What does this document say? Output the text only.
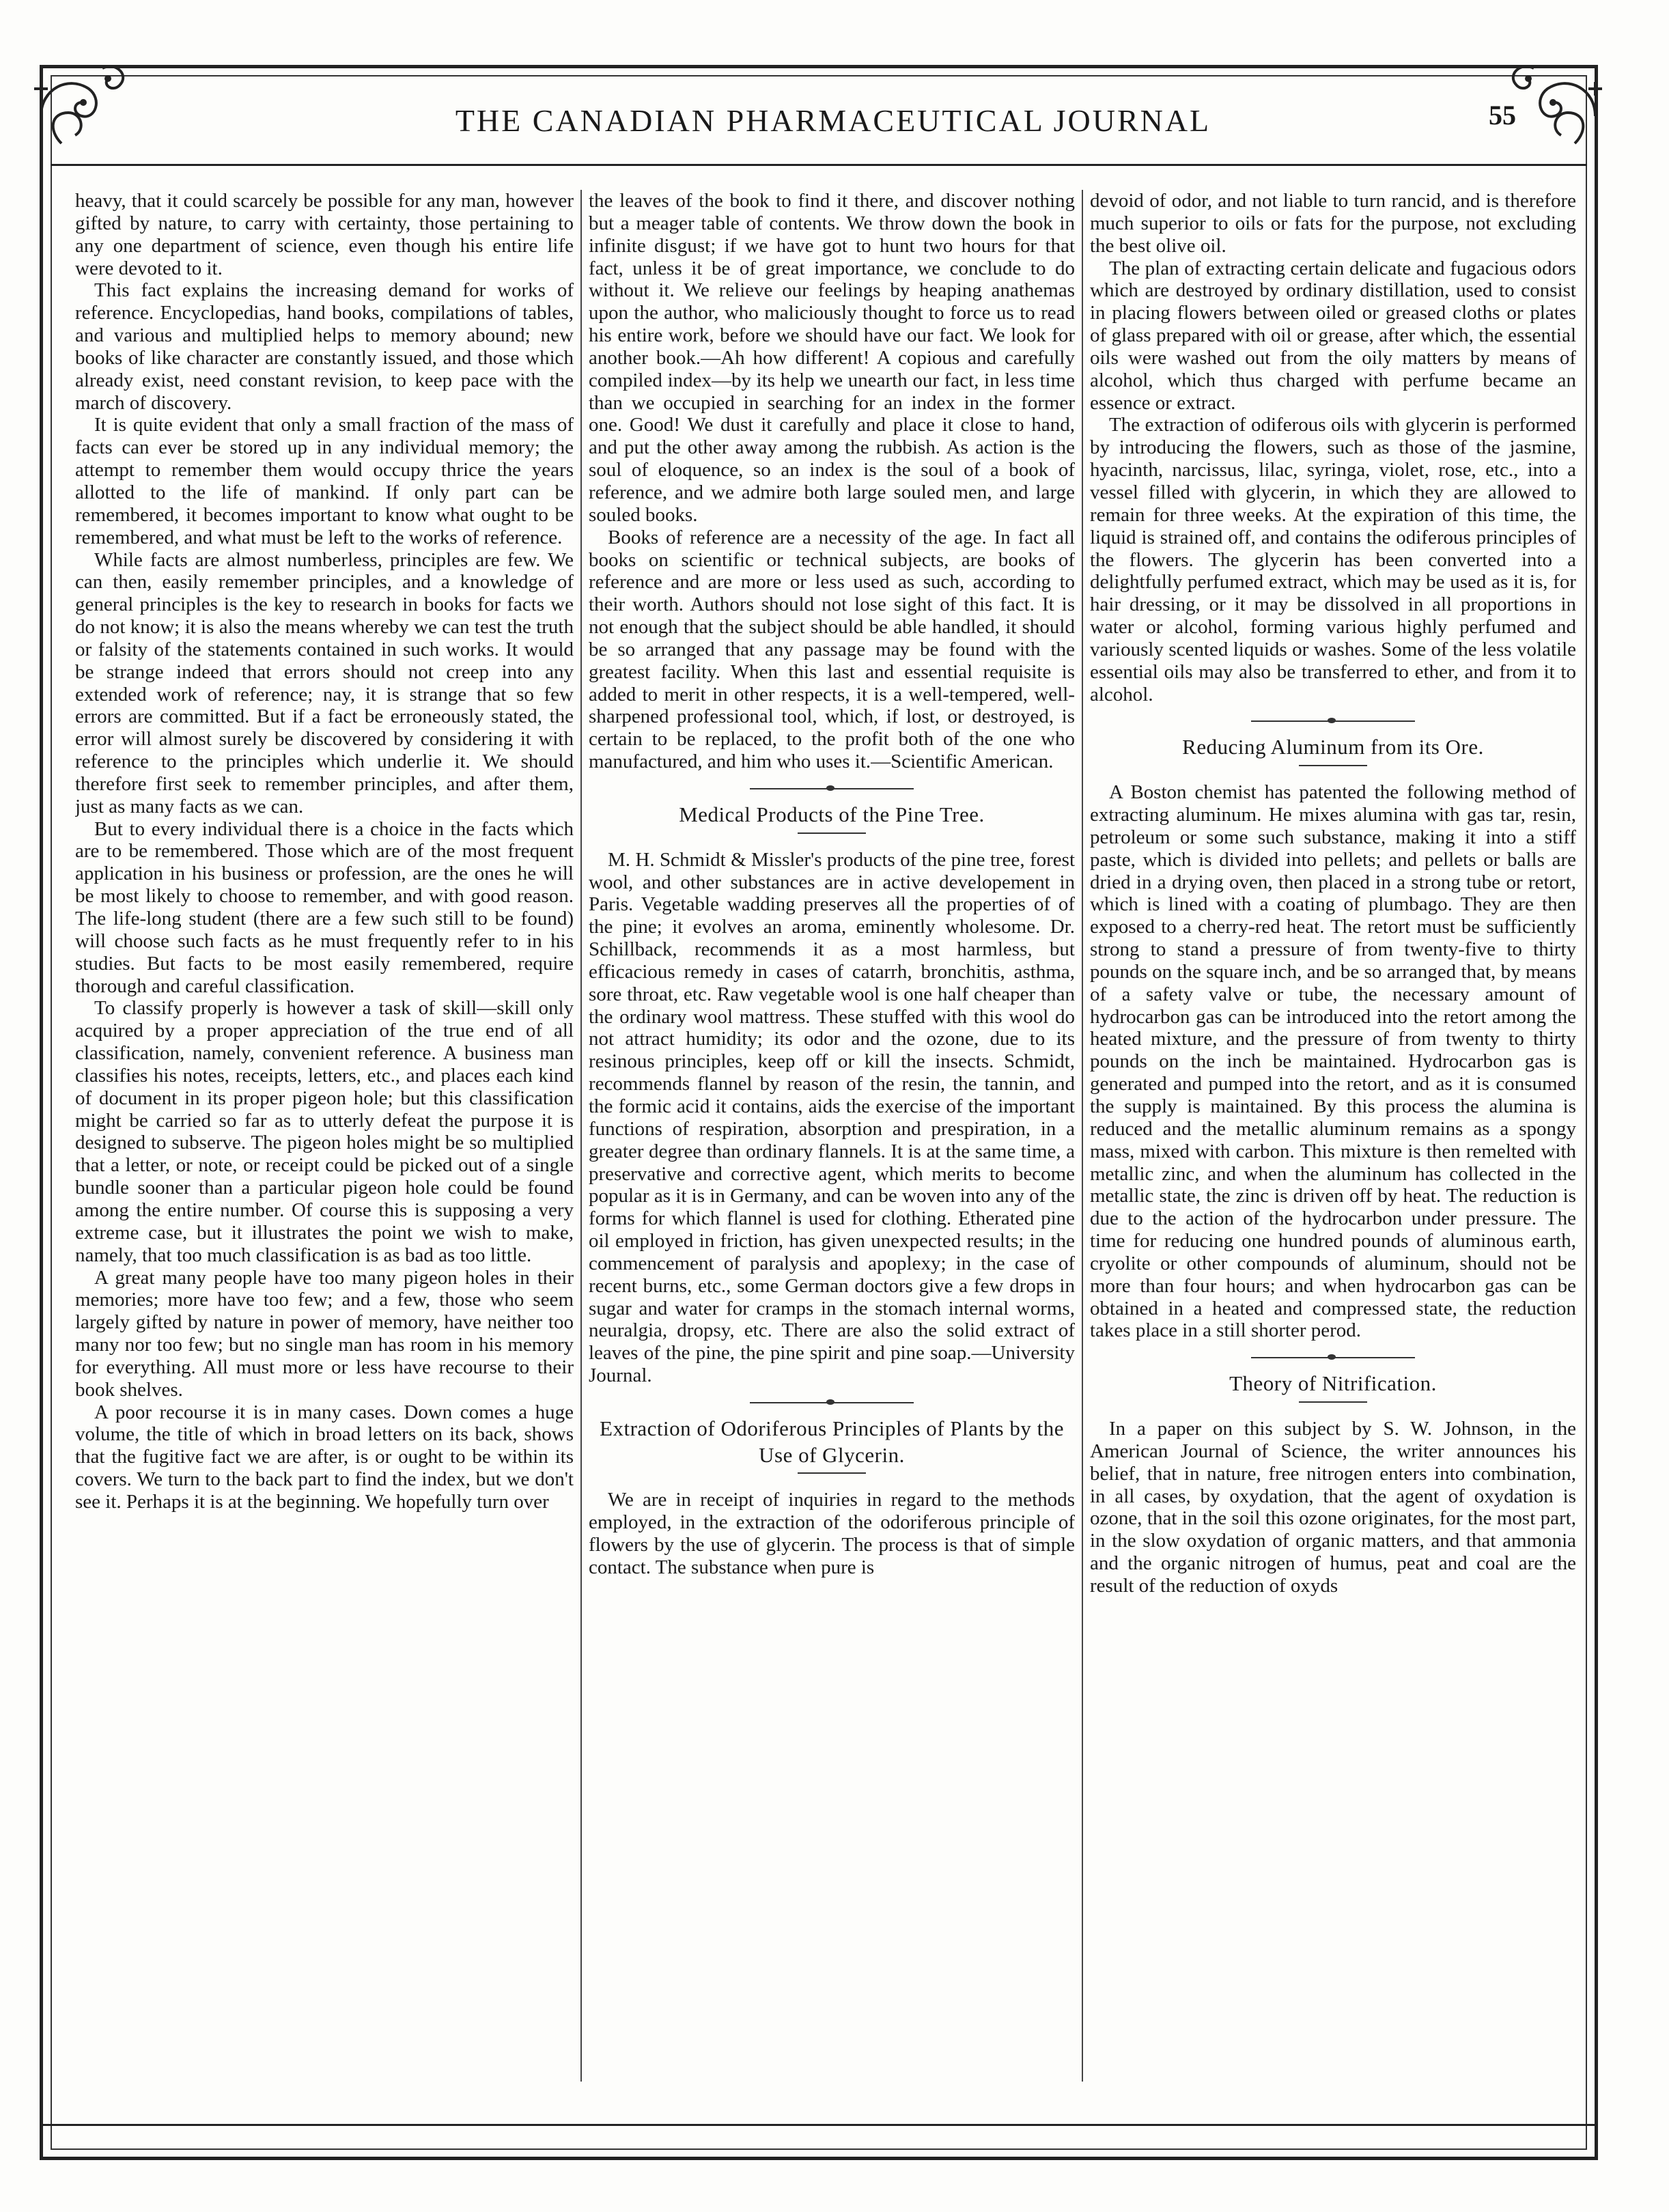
THE CANADIAN PHARMACEUTICAL JOURNAL	55

heavy, that it could scarcely be possible for any man, however gifted by nature, to carry with certainty, those pertaining to any one department of science, even though his entire life were devoted to it.

This fact explains the increasing demand for works of reference. Encyclopedias, hand books, compilations of tables, and various and multiplied helps to memory abound; new books of like character are constantly issued, and those which already exist, need constant revision, to keep pace with the march of discovery.

It is quite evident that only a small fraction of the mass of facts can ever be stored up in any individual memory; the attempt to remember them would occupy thrice the years allotted to the life of mankind. If only part can be remembered, it becomes important to know what ought to be remembered, and what must be left to the works of reference.

While facts are almost numberless, principles are few. We can then, easily remember principles, and a knowledge of general principles is the key to research in books for facts we do not know; it is also the means whereby we can test the truth or falsity of the statements contained in such works. It would be strange indeed that errors should not creep into any extended work of reference; nay, it is strange that so few errors are committed. But if a fact be erroneously stated, the error will almost surely be discovered by considering it with reference to the principles which underlie it. We should therefore first seek to remember principles, and after them, just as many facts as we can.

But to every individual there is a choice in the facts which are to be remembered. Those which are of the most frequent application in his business or profession, are the ones he will be most likely to choose to remember, and with good reason. The life-long student (there are a few such still to be found) will choose such facts as he must frequently refer to in his studies. But facts to be most easily remembered, require thorough and careful classification.

To classify properly is however a task of skill—skill only acquired by a proper appreciation of the true end of all classification, namely, convenient reference. A business man classifies his notes, receipts, letters, etc., and places each kind of document in its proper pigeon hole; but this classification might be carried so far as to utterly defeat the purpose it is designed to subserve. The pigeon holes might be so multiplied that a letter, or note, or receipt could be picked out of a single bundle sooner than a particular pigeon hole could be found among the entire number. Of course this is supposing a very extreme case, but it illustrates the point we wish to make, namely, that too much classification is as bad as too little.

A great many people have too many pigeon holes in their memories; more have too few; and a few, those who seem largely gifted by nature in power of memory, have neither too many nor too few; but no single man has room in his memory for everything. All must more or less have recourse to their book shelves.

A poor recourse it is in many cases. Down comes a huge volume, the title of which in broad letters on its back, shows that the fugitive fact we are after, is or ought to be within its covers. We turn to the back part to find the index, but we don't see it. Perhaps it is at the beginning. We hopefully turn over

the leaves of the book to find it there, and discover nothing but a meager table of contents. We throw down the book in infinite disgust; if we have got to hunt two hours for that fact, unless it be of great importance, we conclude to do without it. We relieve our feelings by heaping anathemas upon the author, who maliciously thought to force us to read his entire work, before we should have our fact. We look for another book.—Ah how different! A copious and carefully compiled index—by its help we unearth our fact, in less time than we occupied in searching for an index in the former one. Good! We dust it carefully and place it close to hand, and put the other away among the rubbish. As action is the soul of eloquence, so an index is the soul of a book of reference, and we admire both large souled men, and large souled books.

Books of reference are a necessity of the age. In fact all books on scientific or technical subjects, are books of reference and are more or less used as such, according to their worth. Authors should not lose sight of this fact. It is not enough that the subject should be able handled, it should be so arranged that any passage may be found with the greatest facility. When this last and essential requisite is added to merit in other respects, it is a well-tempered, well-sharpened professional tool, which, if lost, or destroyed, is certain to be replaced, to the profit both of the one who manufactured, and him who uses it.—Scientific American.

Medical Products of the Pine Tree.

M. H. Schmidt & Missler's products of the pine tree, forest wool, and other substances are in active developement in Paris. Vegetable wadding preserves all the properties of of the pine; it evolves an aroma, eminently wholesome. Dr. Schillback, recommends it as a most harmless, but efficacious remedy in cases of catarrh, bronchitis, asthma, sore throat, etc. Raw vegetable wool is one half cheaper than the ordinary wool mattress. These stuffed with this wool do not attract humidity; its odor and the ozone, due to its resinous principles, keep off or kill the insects. Schmidt, recommends flannel by reason of the resin, the tannin, and the formic acid it contains, aids the exercise of the important functions of respiration, absorption and prespiration, in a greater degree than ordinary flannels. It is at the same time, a preservative and corrective agent, which merits to become popular as it is in Germany, and can be woven into any of the forms for which flannel is used for clothing. Etherated pine oil employed in friction, has given unexpected results; in the commencement of paralysis and apoplexy; in the case of recent burns, etc., some German doctors give a few drops in sugar and water for cramps in the stomach internal worms, neuralgia, dropsy, etc. There are also the solid extract of leaves of the pine, the pine spirit and pine soap.—University Journal.

Extraction of Odoriferous Principles of Plants by the Use of Glycerin.

We are in receipt of inquiries in regard to the methods employed, in the extraction of the odoriferous principle of flowers by the use of glycerin. The process is that of simple contact. The substance when pure is

devoid of odor, and not liable to turn rancid, and is therefore much superior to oils or fats for the purpose, not excluding the best olive oil.

The plan of extracting certain delicate and fugacious odors which are destroyed by ordinary distillation, used to consist in placing flowers between oiled or greased cloths or plates of glass prepared with oil or grease, after which, the essential oils were washed out from the oily matters by means of alcohol, which thus charged with perfume became an essence or extract.

The extraction of odiferous oils with glycerin is performed by introducing the flowers, such as those of the jasmine, hyacinth, narcissus, lilac, syringa, violet, rose, etc., into a vessel filled with glycerin, in which they are allowed to remain for three weeks. At the expiration of this time, the liquid is strained off, and contains the odiferous principles of the flowers. The glycerin has been converted into a delightfully perfumed extract, which may be used as it is, for hair dressing, or it may be dissolved in all proportions in water or alcohol, forming various highly perfumed and variously scented liquids or washes. Some of the less volatile essential oils may also be transferred to ether, and from it to alcohol.

Reducing Aluminum from its Ore.

A Boston chemist has patented the following method of extracting aluminum. He mixes alumina with gas tar, resin, petroleum or some such substance, making it into a stiff paste, which is divided into pellets; and pellets or balls are dried in a drying oven, then placed in a strong tube or retort, which is lined with a coating of plumbago. They are then exposed to a cherry-red heat. The retort must be sufficiently strong to stand a pressure of from twenty-five to thirty pounds on the square inch, and be so arranged that, by means of a safety valve or tube, the necessary amount of hydrocarbon gas can be introduced into the retort among the heated mixture, and the pressure of from twenty to thirty pounds on the inch be maintained. Hydrocarbon gas is generated and pumped into the retort, and as it is consumed the supply is maintained. By this process the alumina is reduced and the metallic aluminum remains as a spongy mass, mixed with carbon. This mixture is then remelted with metallic zinc, and when the aluminum has collected in the metallic state, the zinc is driven off by heat. The reduction is due to the action of the hydrocarbon under pressure. The time for reducing one hundred pounds of aluminous earth, cryolite or other compounds of aluminum, should not be more than four hours; and when hydrocarbon gas can be obtained in a heated and compressed state, the reduction takes place in a still shorter perod.

Theory of Nitrification.

In a paper on this subject by S. W. Johnson, in the American Journal of Science, the writer announces his belief, that in nature, free nitrogen enters into combination, in all cases, by oxydation, that the agent of oxydation is ozone, that in the soil this ozone originates, for the most part, in the slow oxydation of organic matters, and that ammonia and the organic nitrogen of humus, peat and coal are the result of the reduction of oxyds
